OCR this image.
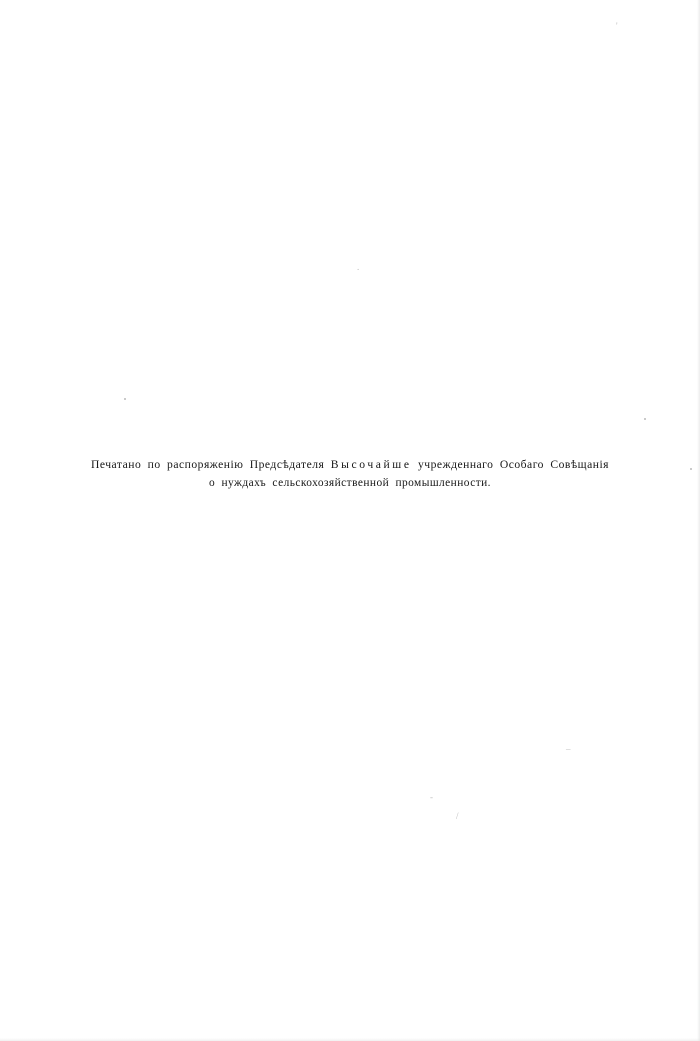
'
.
Печатано по распоряженію Предсѣдателя Высочайше учрежденнаго Особаго Совѣщанія
о нуждахъ сельскохозяйственной промышленности.
–
-
/
